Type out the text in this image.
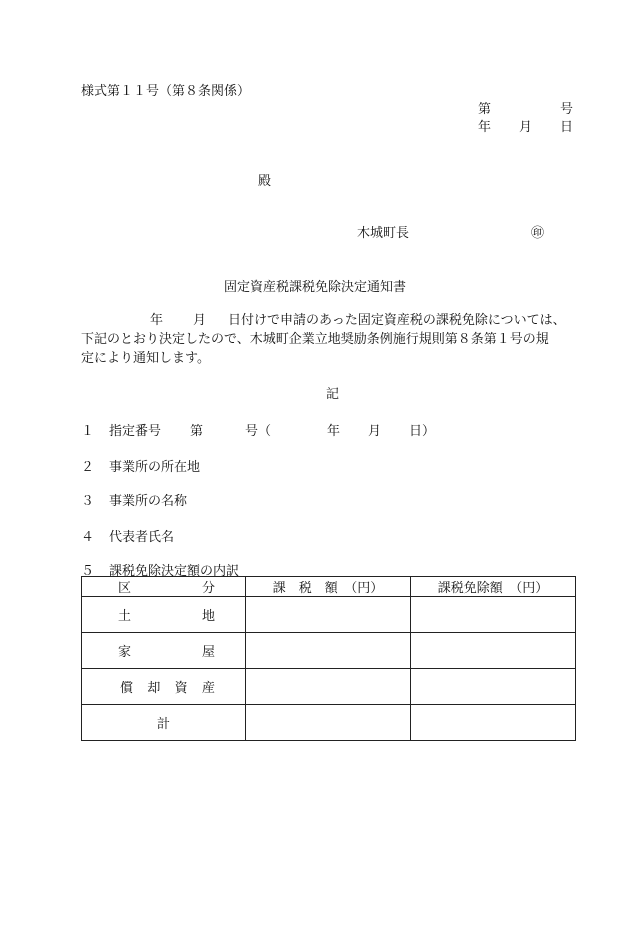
様式第１１号（第８条関係）
第	号
年 月 日
殿
木城町長	㊞
固定資産税課税免除決定通知書

年 月 日付けで申請のあった固定資産税の課税免除については、

下記のとおり決定したので、木城町企業立地奨励条例施行規則第８条第１号の規

定により通知します。

記
１ 指定番号 第	号（	年 月 日）
２ 事業所の所在地
３ 事業所の名称
４ 代表者氏名
５ 課税免除決定額の内訳
区 分	課　税　額　（円）	課税免除額　（円）

土 地		

家 屋		

償 却 資 産		

計		
